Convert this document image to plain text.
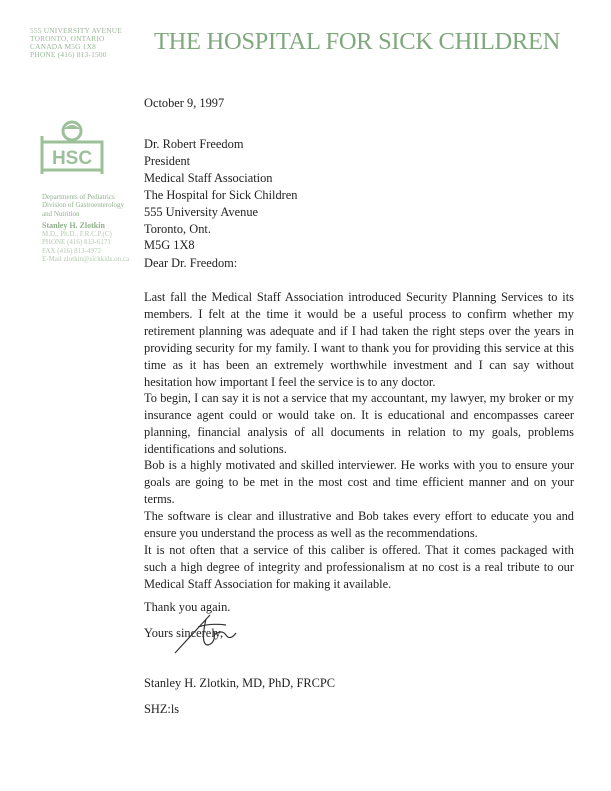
555 UNIVERSITY AVENUE
TORONTO, ONTARIO
CANADA M5G 1X8
PHONE (416) 813-1500	THE HOSPITAL FOR SICK CHILDREN
HSC
Departments of Pediatrics
Division of Gastroenterology
and Nutrition
Stanley H. Zlotkin
M.D., Ph.D., F.R.C.P.(C)
PHONE (416) 813-6171
FAX (416) 813-4972
E-Mail zlotkin@sickkids.on.ca
October 9, 1997
Dr. Robert Freedom
President
Medical Staff Association
The Hospital for Sick Children
555 University Avenue
Toronto, Ont.
M5G 1X8
Dear Dr. Freedom:
Last fall the Medical Staff Association introduced Security Planning Services to its
members. I felt at the time it would be a useful process to confirm whether my
retirement planning was adequate and if I had taken the right steps over the years in
providing security for my family. I want to thank you for providing this service at this
time as it has been an extremely worthwhile investment and I can say without
hesitation how important I feel the service is to any doctor.
To begin, I can say it is not a service that my accountant, my lawyer, my broker or my
insurance agent could or would take on. It is educational and encompasses career
planning, financial analysis of all documents in relation to my goals, problems
identifications and solutions.
Bob is a highly motivated and skilled interviewer. He works with you to ensure your
goals are going to be met in the most cost and time efficient manner and on your
terms.
The software is clear and illustrative and Bob takes every effort to educate you and
ensure you understand the process as well as the recommendations.
It is not often that a service of this caliber is offered. That it comes packaged with
such a high degree of integrity and professionalism at no cost is a real tribute to our
Medical Staff Association for making it available.
Thank you again.
Yours sincerely,
Stanley H. Zlotkin, MD, PhD, FRCPC
SHZ:ls
